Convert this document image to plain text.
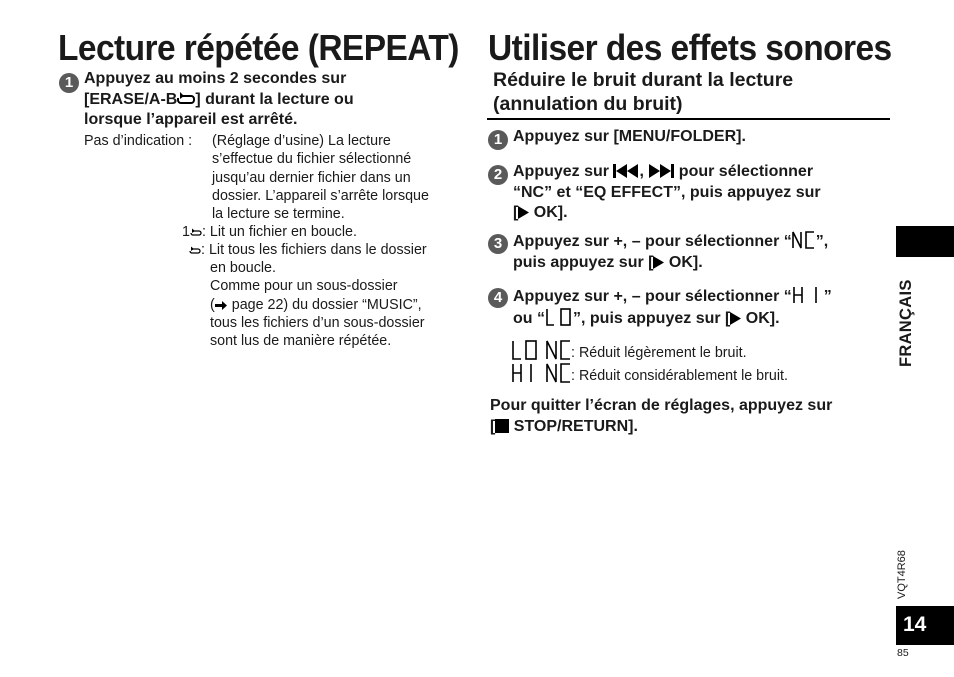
Lecture répétée (REPEAT)
1 Appuyez au moins 2 secondes sur
[ERASE/A-B ] durant la lecture ou
lorsque l’appareil est arrêté.
Pas d’indication : (Réglage d’usine) La lecture
s’effectue du fichier sélectionné
jusqu’au dernier fichier dans un
dossier. L’appareil s’arrête lorsque
la lecture se termine.
1 : Lit un fichier en boucle.
: Lit tous les fichiers dans le dossier
en boucle.
Comme pour un sous-dossier
( page 22) du dossier “MUSIC”,
tous les fichiers d’un sous-dossier
sont lus de manière répétée.
Utiliser des effets sonores
Réduire le bruit durant la lecture
(annulation du bruit)
1 Appuyez sur [MENU/FOLDER].
2 Appuyez sur ,  pour sélectionner
“NC” et “EQ EFFECT”, puis appuyez sur
[ OK].
3 Appuyez sur +, – pour sélectionner “ ”,
puis appuyez sur [ OK].
4 Appuyez sur +, – pour sélectionner “ ”
ou “ ”, puis appuyez sur [ OK].
: Réduit légèrement le bruit.
: Réduit considérablement le bruit.
Pour quitter l’écran de réglages, appuyez sur
[ STOP/RETURN].
FRANÇAIS
VQT4R68
14
85
